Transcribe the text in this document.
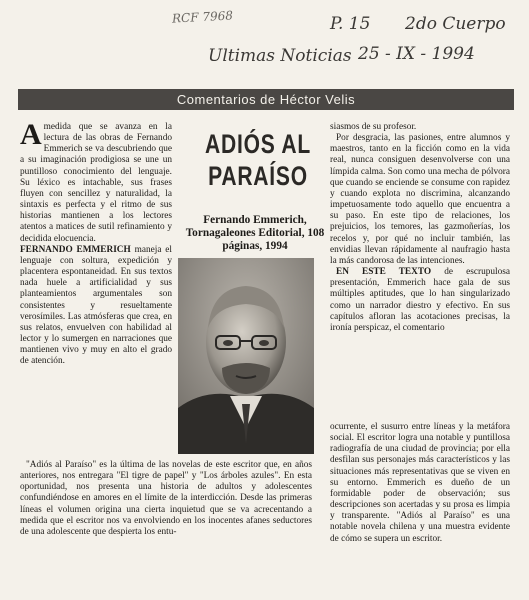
RCF 7968	P. 15 2do Cuerpo
Ultimas Noticias 25 - IX - 1994
Comentarios de Héctor Velis

Amedida que se avanza en la lectura de las obras de Fernando Emmerich se va descubriendo que a su imaginación prodigiosa se une un puntilloso conocimiento del lenguaje. Su léxico es intachable, sus frases fluyen con sencillez y naturalidad, la sintaxis es perfecta y el ritmo de sus historias mantienen a los lectores atentos a matices de sutil refinamiento y decidida elocuencia.

FERNANDO EMMERICH maneja el lenguaje con soltura, expedición y placentera espontaneidad. En sus textos nada huele a artificialidad y sus planteamientos argumentales son consistentes y resueltamente verosímiles. Las atmósferas que crea, en sus relatos, envuelven con habilidad al lector y lo sumergen en narraciones que mantienen vivo y muy en alto el grado de atención.

ADIÓS AL
PARAÍSO
Fernando Emmerich, Tornagaleones Editorial, 108 páginas, 1994

siasmos de su profesor.

Por desgracia, las pasiones, entre alumnos y maestros, tanto en la ficción como en la vida real, nunca consiguen desenvolverse con una límpida calma. Son como una mecha de pólvora que cuando se enciende se consume con rapidez y cuando explota no discrimina, alcanzando impetuosamente todo aquello que encuentra a su paso. En este tipo de relaciones, los prejuicios, los temores, las gazmoñerías, los recelos y, por qué no incluir también, las envidias llevan rápidamente al naufragio hasta la más candorosa de las intenciones.

EN ESTE TEXTO de escrupulosa presentación, Emmerich hace gala de sus múltiples aptitudes, que lo han singularizado como un narrador diestro y efectivo. En sus capítulos afloran las acotaciones precisas, la ironía perspicaz, el comentario

"Adiós al Paraíso" es la última de las novelas de este escritor que, en años anteriores, nos entregara "El tigre de papel" y "Los árboles azules". En esta oportunidad, nos presenta una historia de adultos y adolescentes confundiéndose en amores en el límite de la interdicción. Desde las primeras líneas el volumen origina una cierta inquietud que se va acrecentando a medida que el escritor nos va envolviendo en los inocentes afanes seductores de una adolescente que despierta los entu-

ocurrente, el susurro entre líneas y la metáfora social. El escritor logra una notable y puntillosa radiografía de una ciudad de provincia; por ella desfilan sus personajes más característicos y las situaciones más representativas que se viven en su entorno. Emmerich es dueño de un formidable poder de observación; sus descripciones son acertadas y su prosa es limpia y transparente. "Adiós al Paraíso" es una notable novela chilena y una muestra evidente de cómo se supera un escritor.
